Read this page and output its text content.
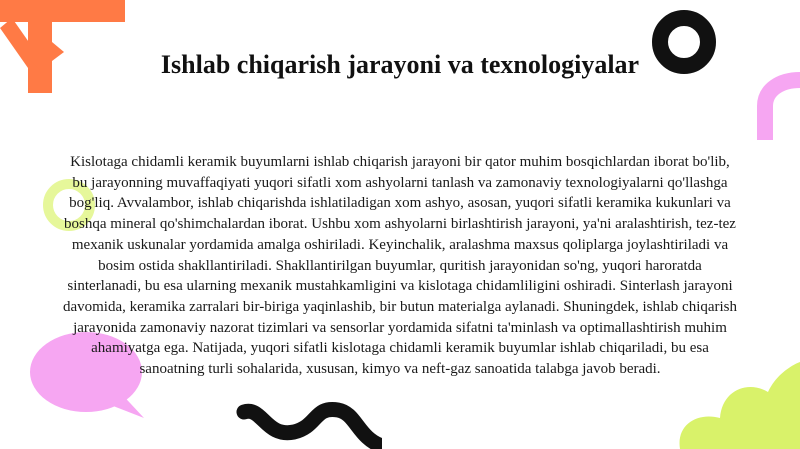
Ishlab chiqarish jarayoni va texnologiyalar

Kislotaga chidamli keramik buyumlarni ishlab chiqarish jarayoni bir qator muhim bosqichlardan iborat bo'lib, bu jarayonning muvaffaqiyati yuqori sifatli xom ashyolarni tanlash va zamonaviy texnologiyalarni qo'llashga bog'liq. Avvalambor, ishlab chiqarishda ishlatiladigan xom ashyo, asosan, yuqori sifatli keramika kukunlari va boshqa mineral qo'shimchalardan iborat. Ushbu xom ashyolarni birlashtirish jarayoni, ya'ni aralashtirish, tez-tez mexanik uskunalar yordamida amalga oshiriladi. Keyinchalik, aralashma maxsus qoliplarga joylashtiriladi va bosim ostida shakllantiriladi. Shakllantirilgan buyumlar, quritish jarayonidan so'ng, yuqori haroratda sinterlanadi, bu esa ularning mexanik mustahkamligini va kislotaga chidamliligini oshiradi. Sinterlash jarayoni davomida, keramika zarralari bir-biriga yaqinlashib, bir butun materialga aylanadi. Shuningdek, ishlab chiqarish jarayonida zamonaviy nazorat tizimlari va sensorlar yordamida sifatni ta'minlash va optimallashtirish muhim ahamiyatga ega. Natijada, yuqori sifatli kislotaga chidamli keramik buyumlar ishlab chiqariladi, bu esa sanoatning turli sohalarida, xususan, kimyo va neft-gaz sanoatida talabga javob beradi.
